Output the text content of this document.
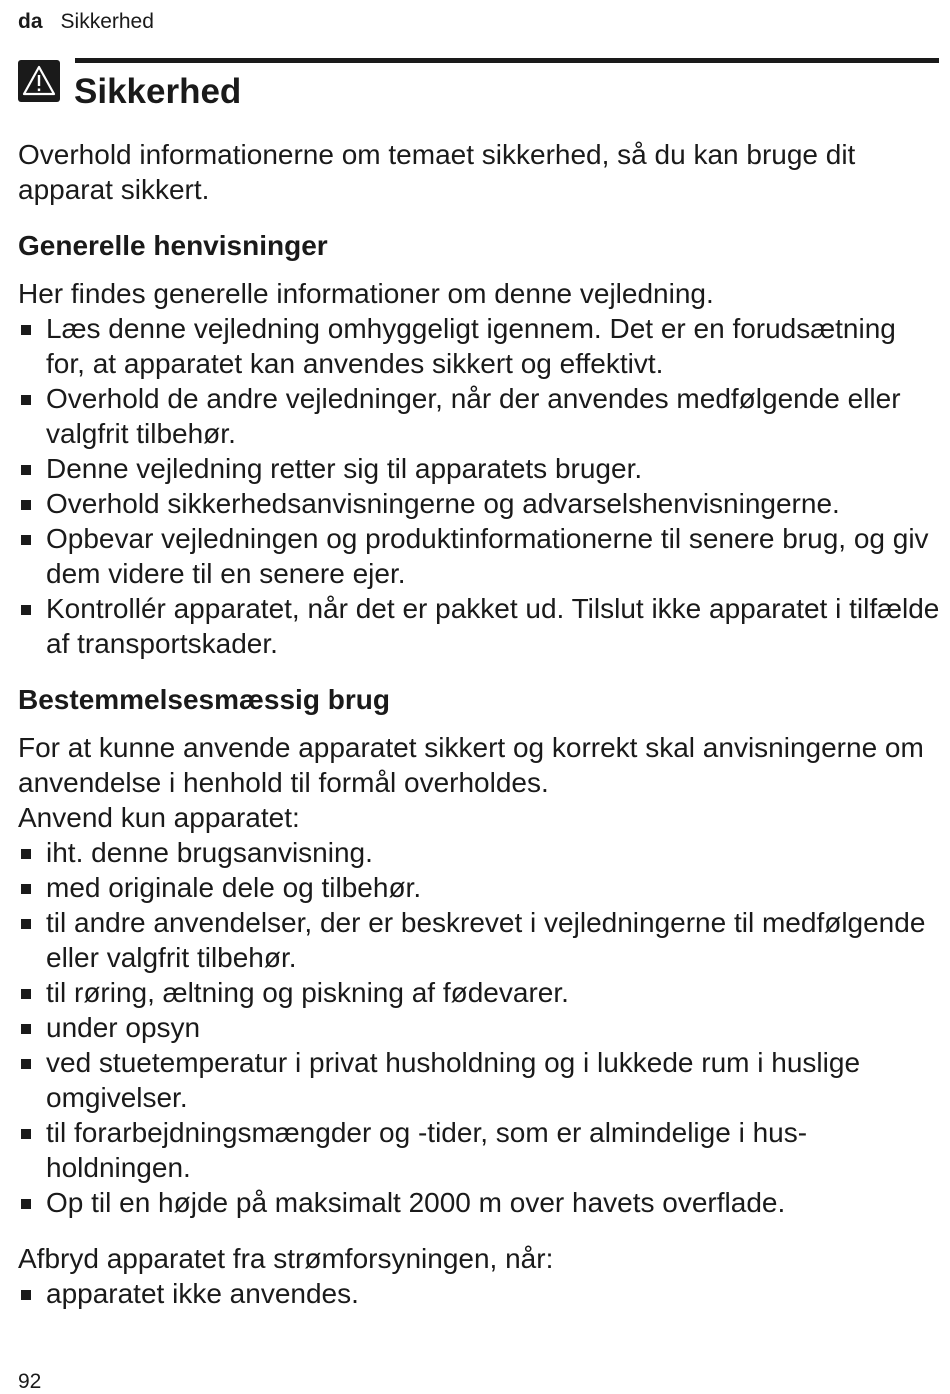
da Sikkerhed
Sikkerhed

Overhold informationerne om temaet sikkerhed, så du kan bruge dit apparat sikkert.

Generelle henvisninger

Her findes generelle informationer om denne vejledning.

Læs denne vejledning omhyggeligt igennem. Det er en forudsætning for, at apparatet kan anvendes sikkert og effektivt.
Overhold de andre vejledninger, når der anvendes medfølgende eller valgfrit tilbehør.
Denne vejledning retter sig til apparatets bruger.
Overhold sikkerhedsanvisningerne og advarselshenvisningerne.
Opbevar vejledningen og produktinformationerne til senere brug, og giv dem videre til en senere ejer.
Kontrollér apparatet, når det er pakket ud. Tilslut ikke apparatet i tilfælde af transportskader.
Bestemmelsesmæssig brug

For at kunne anvende apparatet sikkert og korrekt skal anvisningerne om anvendelse i henhold til formål overholdes.

Anvend kun apparatet:

iht. denne brugsanvisning.
med originale dele og tilbehør.
til andre anvendelser, der er beskrevet i vejledningerne til medfølgende eller valgfrit tilbehør.
til røring, æltning og piskning af fødevarer.
under opsyn
ved stuetemperatur i privat husholdning og i lukkede rum i huslige omgivelser.
til forarbejdningsmængder og -tider, som er almindelige i husholdningen.
Op til en højde på maksimalt 2000 m over havets overflade.

Afbryd apparatet fra strømforsyningen, når:

apparatet ikke anvendes.
92
